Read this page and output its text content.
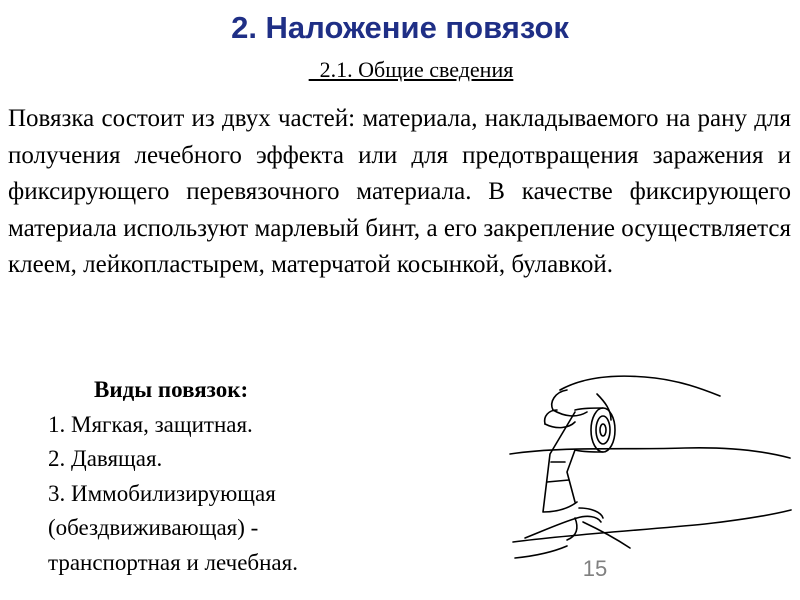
2. Наложение повязок
2.1. Общие сведения

Повязка состоит из двух частей: материала, накладываемого на рану для получения лечебного эффекта или для предотвращения заражения и фиксирующего перевязочного материала. В качестве фиксирующего материала используют марлевый бинт, а его закрепление осуществляется клеем, лейкопластырем, матерчатой косынкой, булавкой.

Виды повязок:

1. Мягкая, защитная.
2. Давящая.
3. Иммобилизирующая
(обездвиживающая) -
транспортная и лечебная.	15
